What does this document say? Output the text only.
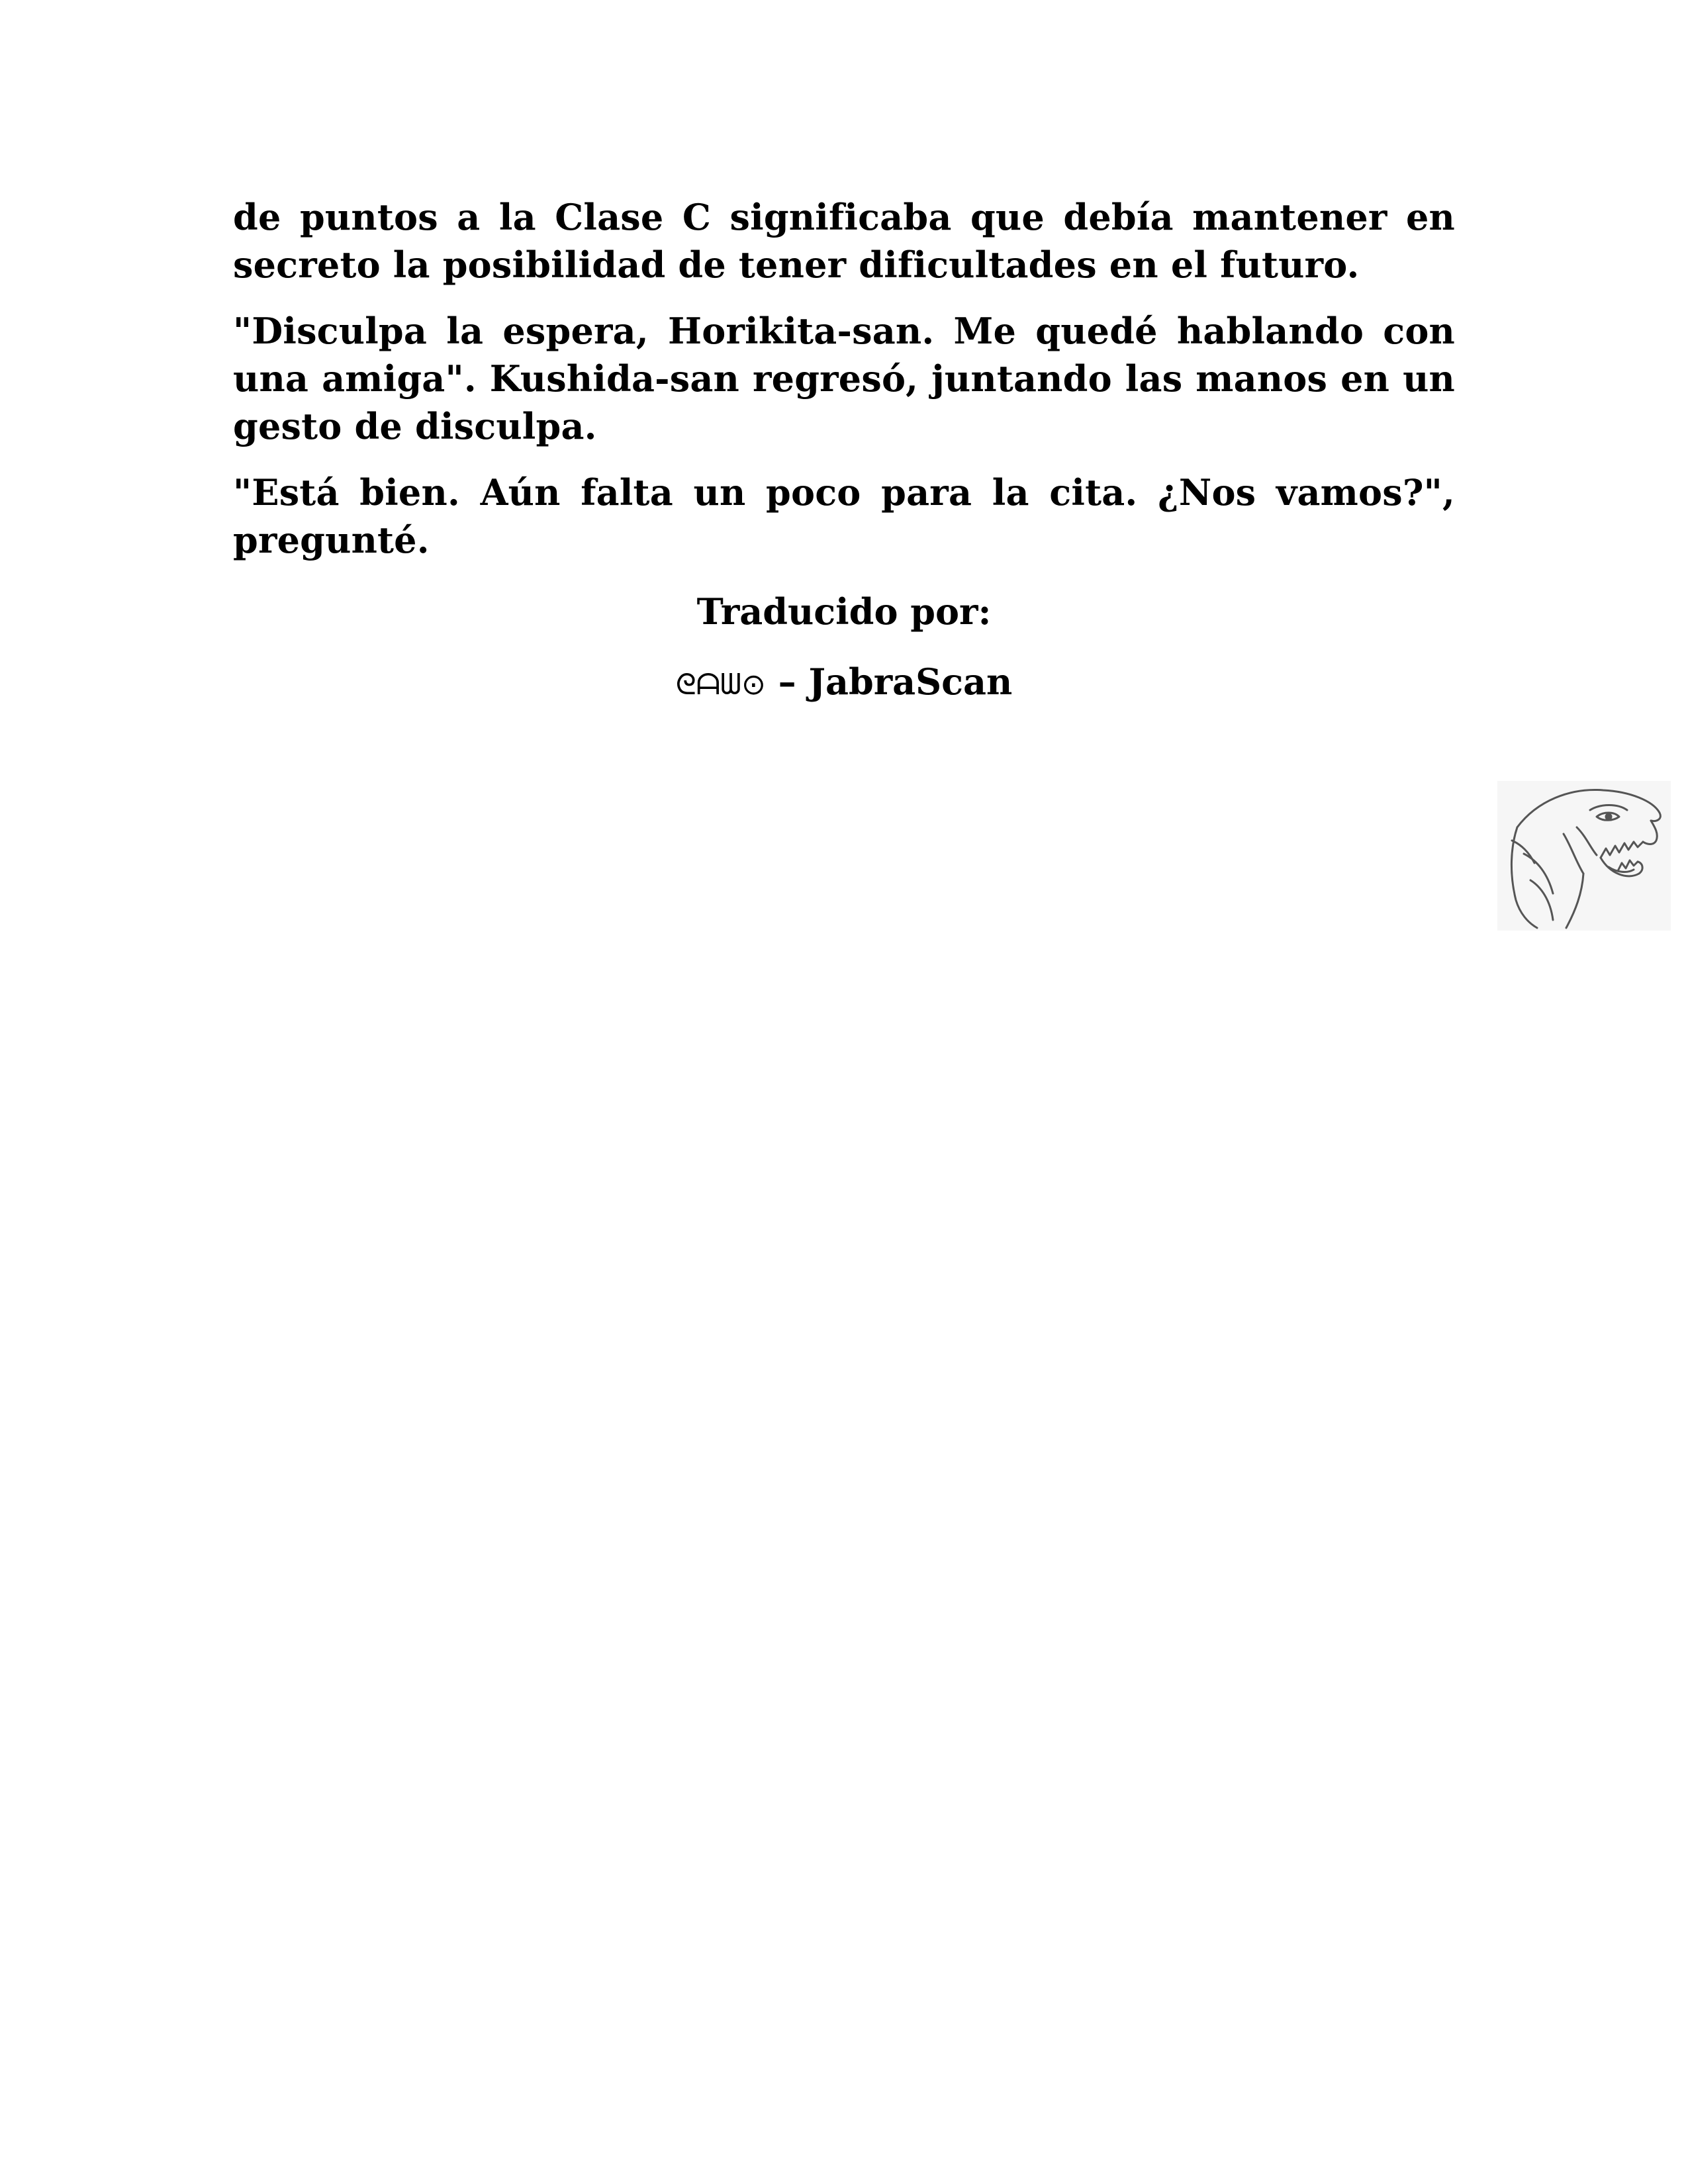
de puntos a la Clase C significaba que debía mantener en secreto la posibilidad de tener dificultades en el futuro.

"Disculpa la espera, Horikita-san. Me quedé hablando con una amiga". Kushida-san regresó, juntando las manos en un gesto de disculpa.

"Está bien. Aún falta un poco para la cita. ¿Nos vamos?", pregunté.

Traducido por:

ᘓᗩᗯ⊙ – JabraScan
